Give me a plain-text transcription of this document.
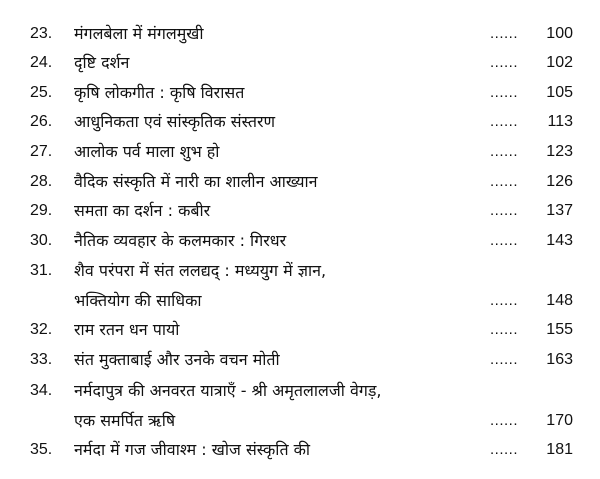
23.	मंगलबेला में मंगलमुखी	......	100
24.	दृष्टि दर्शन	......	102
25.	कृषि लोकगीत : कृषि विरासत	......	105
26.	आधुनिकता एवं सांस्कृतिक संस्तरण	......	113
27.	आलोक पर्व माला शुभ हो	......	123
28.	वैदिक संस्कृति में नारी का शालीन आख्यान	......	126
29.	समता का दर्शन : कबीर	......	137
30.	नैतिक व्यवहार के कलमकार : गिरधर	......	143
31.	शैव परंपरा में संत ललद्यद् : मध्ययुग में ज्ञान,
भक्तियोग की साधिका	......	148
32.	राम रतन धन पायो	......	155
33.	संत मुक्ताबाई और उनके वचन मोती	......	163
34.	नर्मदापुत्र की अनवरत यात्राएँ - श्री अमृतलालजी वेगड़,
एक समर्पित ऋषि	......	170
35.	नर्मदा में गज जीवाश्म : खोज संस्कृति की	......	181
